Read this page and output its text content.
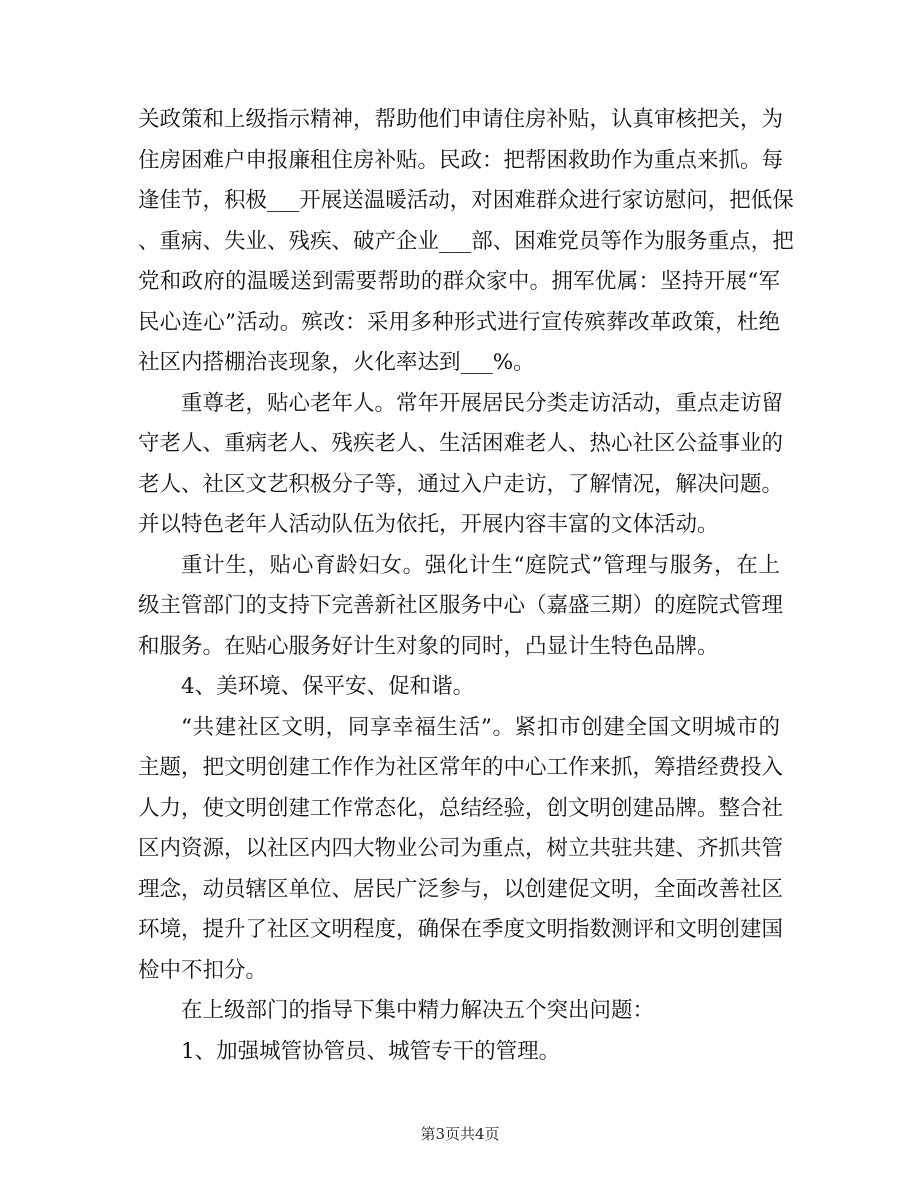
关政策和上级指示精神，帮助他们申请住房补贴，认真审核把关，为
住房困难户申报廉租住房补贴。民政：把帮困救助作为重点来抓。每
逢佳节，积极___开展送温暖活动，对困难群众进行家访慰问，把低保
、重病、失业、残疾、破产企业___部、困难党员等作为服务重点，把
党和政府的温暖送到需要帮助的群众家中。拥军优属：坚持开展“军
民心连心”活动。殡改：采用多种形式进行宣传殡葬改革政策，杜绝
社区内搭棚治丧现象，火化率达到___%。

重尊老，贴心老年人。常年开展居民分类走访活动，重点走访留
守老人、重病老人、残疾老人、生活困难老人、热心社区公益事业的
老人、社区文艺积极分子等，通过入户走访，了解情况，解决问题。
并以特色老年人活动队伍为依托，开展内容丰富的文体活动。

重计生，贴心育龄妇女。强化计生“庭院式”管理与服务，在上
级主管部门的支持下完善新社区服务中心（嘉盛三期）的庭院式管理
和服务。在贴心服务好计生对象的同时，凸显计生特色品牌。

4、美环境、保平安、促和谐。

“共建社区文明，同享幸福生活”。紧扣市创建全国文明城市的
主题，把文明创建工作作为社区常年的中心工作来抓，筹措经费投入
人力，使文明创建工作常态化，总结经验，创文明创建品牌。整合社
区内资源，以社区内四大物业公司为重点，树立共驻共建、齐抓共管
理念，动员辖区单位、居民广泛参与，以创建促文明，全面改善社区
环境，提升了社区文明程度，确保在季度文明指数测评和文明创建国
检中不扣分。

在上级部门的指导下集中精力解决五个突出问题：

1、加强城管协管员、城管专干的管理。

第3页共4页
